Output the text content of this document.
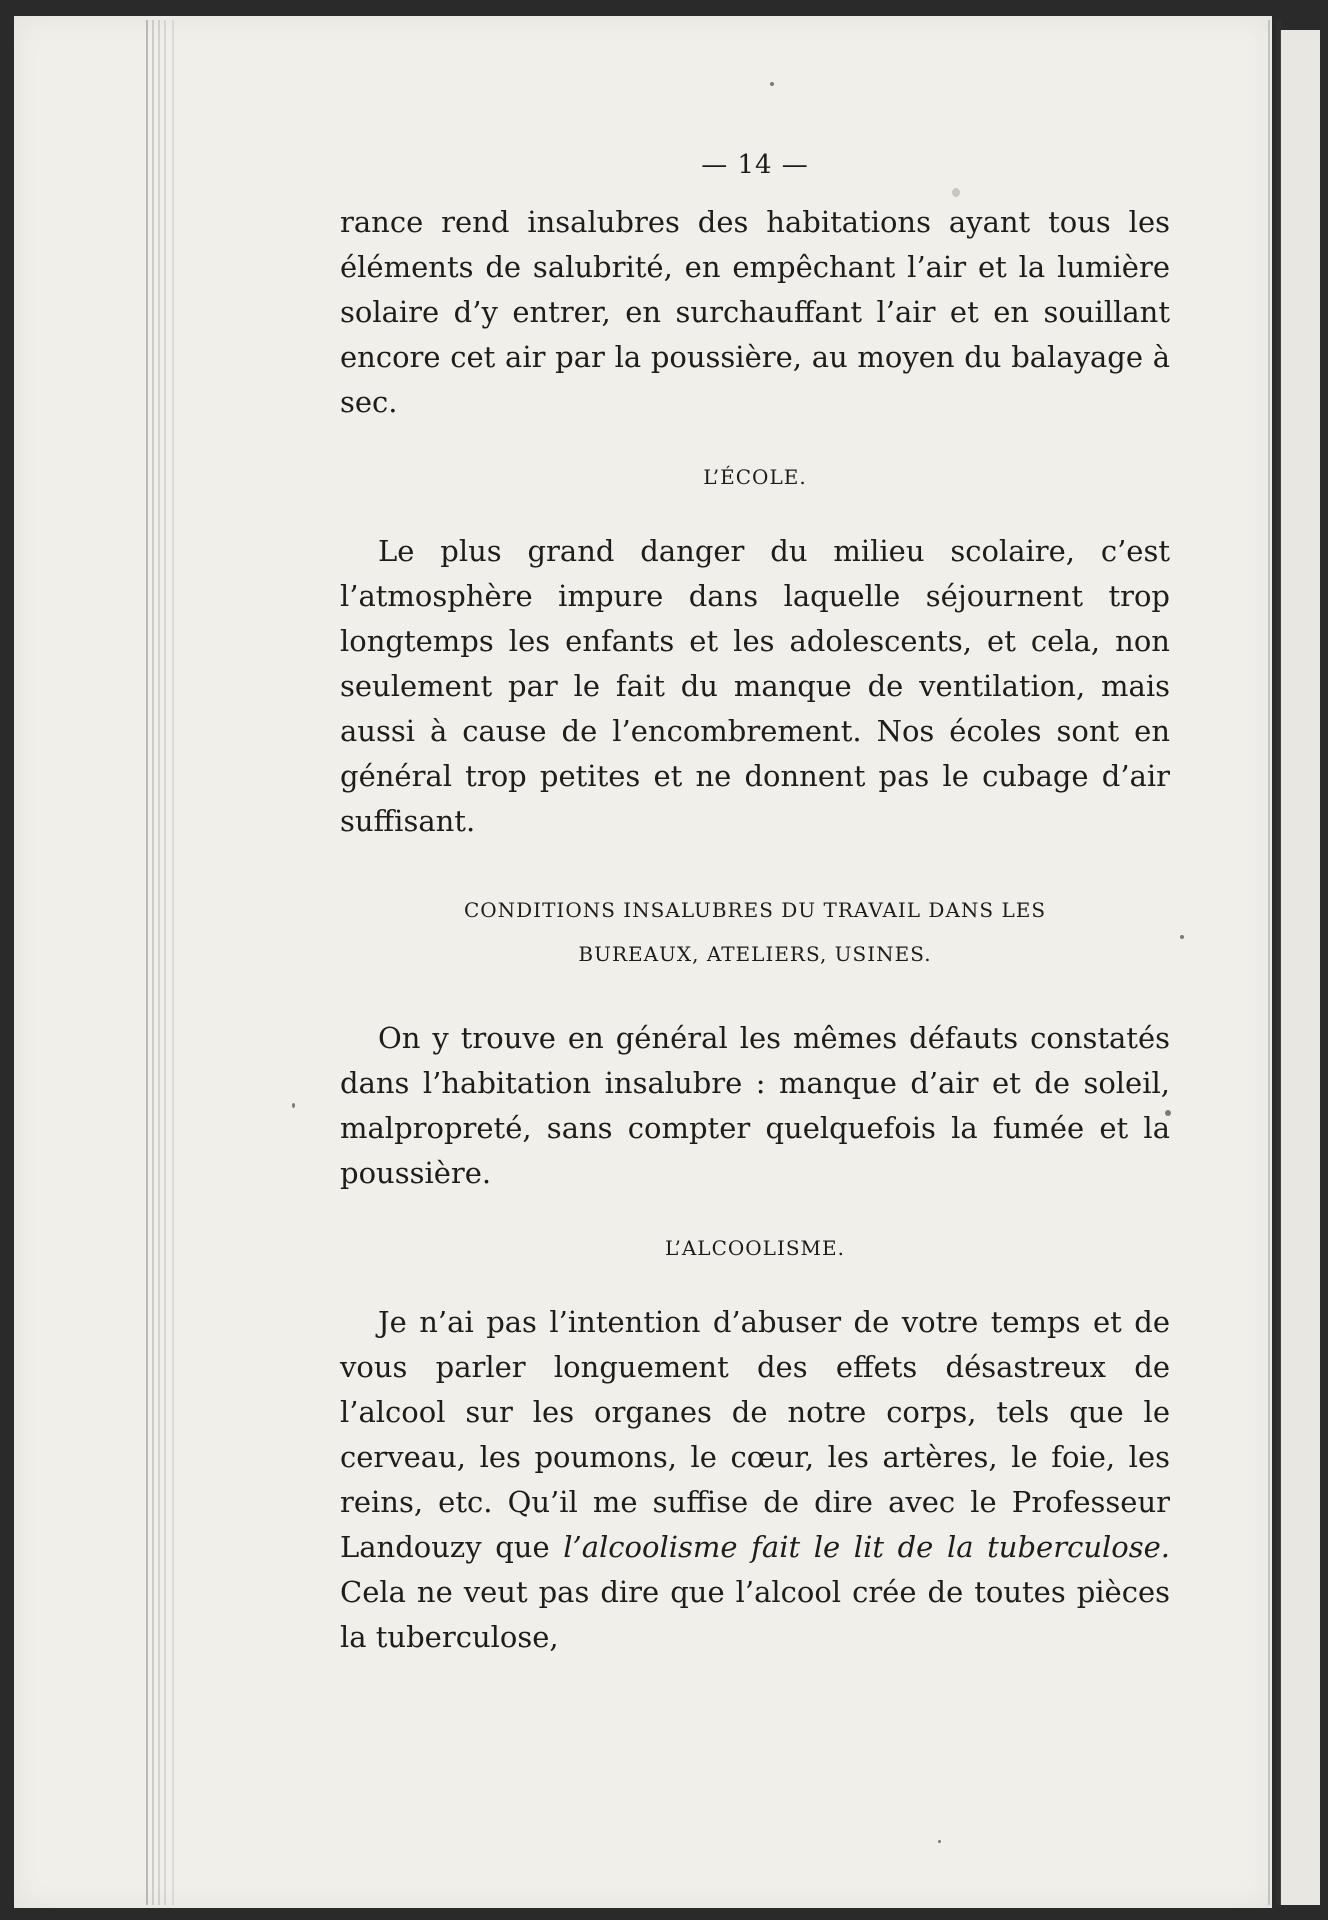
— 14 —

rance rend insalubres des habitations ayant tous les éléments de salubrité, en empêchant l’air et la lumière solaire d’y entrer, en surchauffant l’air et en souillant encore cet air par la poussière, au moyen du balayage à sec.

L’ÉCOLE.

Le plus grand danger du milieu scolaire, c’est l’atmosphère impure dans laquelle séjournent trop longtemps les enfants et les adolescents, et cela, non seulement par le fait du manque de ventilation, mais aussi à cause de l’encombrement. Nos écoles sont en général trop petites et ne donnent pas le cubage d’air suffisant.

CONDITIONS INSALUBRES DU TRAVAIL DANS LES
BUREAUX, ATELIERS, USINES.

On y trouve en général les mêmes défauts constatés dans l’habitation insalubre : manque d’air et de soleil, malpropreté, sans compter quelquefois la fumée et la poussière.

L’ALCOOLISME.

Je n’ai pas l’intention d’abuser de votre temps et de vous parler longuement des effets désastreux de l’alcool sur les organes de notre corps, tels que le cerveau, les poumons, le cœur, les artères, le foie, les reins, etc. Qu’il me suffise de dire avec le Professeur Landouzy que l’alcoolisme fait le lit de la tuberculose. Cela ne veut pas dire que l’alcool crée de toutes pièces la tuberculose,
